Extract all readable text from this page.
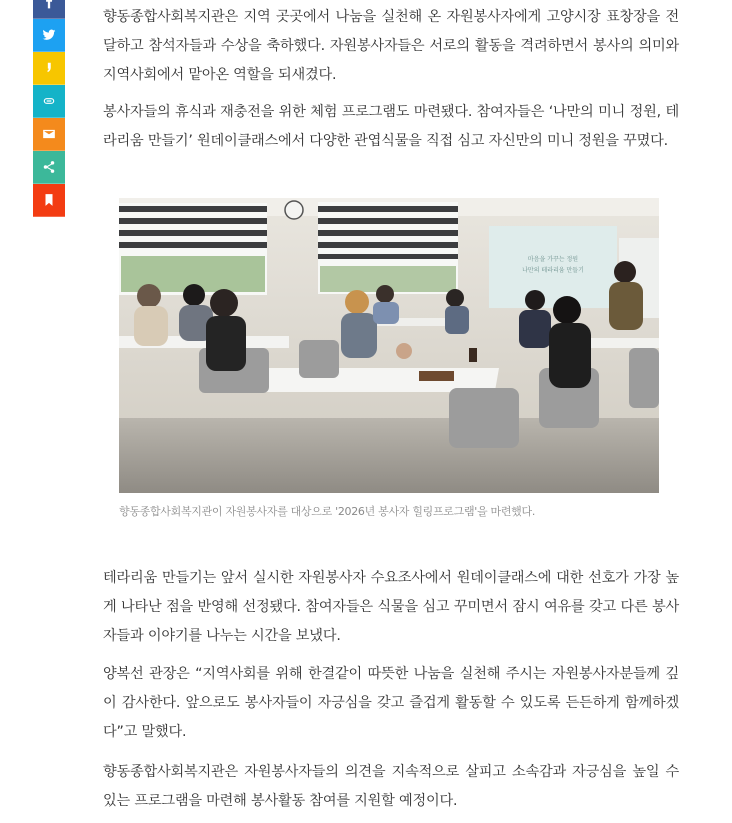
향동종합사회복지관은 지역 곳곳에서 나눔을 실천해 온 자원봉사자에게 고양시장 표창장을 전달하고 참석자들과 수상을 축하했다. 자원봉사자들은 서로의 활동을 격려하면서 봉사의 의미와 지역사회에서 맡아온 역할을 되새겼다.

봉사자들의 휴식과 재충전을 위한 체험 프로그램도 마련됐다. 참여자들은 ‘나만의 미니 정원, 테라리움 만들기’ 원데이클래스에서 다양한 관엽식물을 직접 심고 자신만의 미니 정원을 꾸몄다.

테라리움 만들기는 앞서 실시한 자원봉사자 수요조사에서 원데이클래스에 대한 선호가 가장 높게 나타난 점을 반영해 선정됐다. 참여자들은 식물을 심고 꾸미면서 잠시 여유를 갖고 다른 봉사자들과 이야기를 나누는 시간을 보냈다.

양복선 관장은 “지역사회를 위해 한결같이 따뜻한 나눔을 실천해 주시는 자원봉사자분들께 깊이 감사한다. 앞으로도 봉사자들이 자긍심을 갖고 즐겁게 활동할 수 있도록 든든하게 함께하겠다”고 말했다.

향동종합사회복지관은 자원봉사자들의 의견을 지속적으로 살피고 소속감과 자긍심을 높일 수 있는 프로그램을 마련해 봉사활동 참여를 지원할 예정이다.

마음을 가꾸는 정원
나만의 테라리움 만들기
향동종합사회복지관이 자원봉사자를 대상으로 '2026년 봉사자 힐링프로그램'을 마련했다.
